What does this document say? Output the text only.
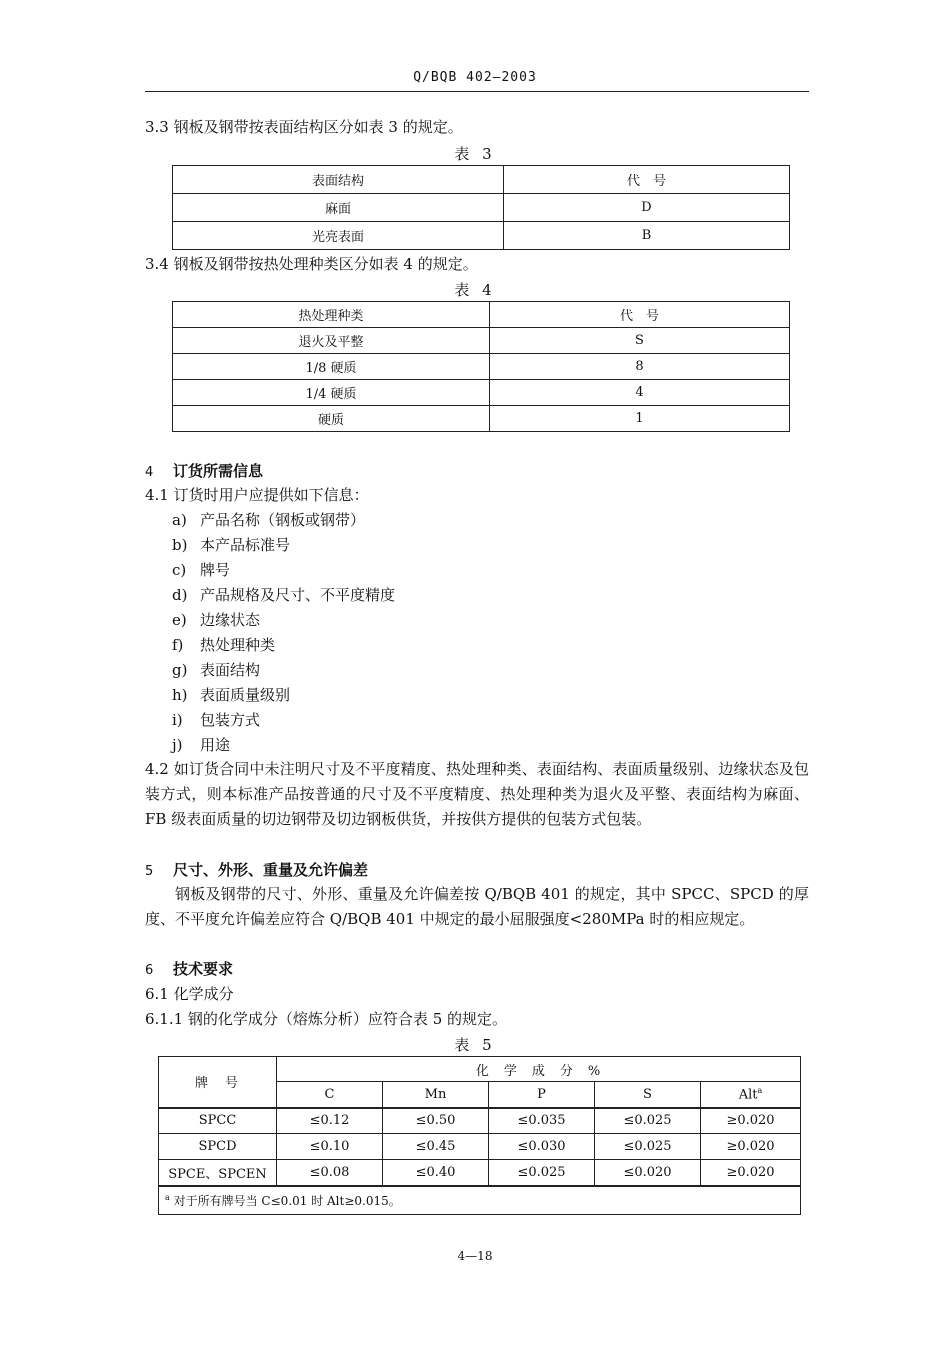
Q/BQB 402—2003
3.3 钢板及钢带按表面结构区分如表 3 的规定。
表 3
表面结构	代　号
麻面	D
光亮表面	B
3.4 钢板及钢带按热处理种类区分如表 4 的规定。
表 4
热处理种类	代　号
退火及平整	S
1/8 硬质	8
1/4 硬质	4
硬质	1
4 订货所需信息
4.1 订货时用户应提供如下信息：
a) 产品名称（钢板或钢带）
b) 本产品标准号
c) 牌号
d) 产品规格及尺寸、不平度精度
e) 边缘状态
f) 热处理种类
g) 表面结构
h) 表面质量级别
i) 包装方式
j) 用途
4.2 如订货合同中未注明尺寸及不平度精度、热处理种类、表面结构、表面质量级别、边缘状态及包装方式，则本标准产品按普通的尺寸及不平度精度、热处理种类为退火及平整、表面结构为麻面、FB 级表面质量的切边钢带及切边钢板供货，并按供方提供的包装方式包装。
5 尺寸、外形、重量及允许偏差
钢板及钢带的尺寸、外形、重量及允许偏差按 Q/BQB 401 的规定，其中 SPCC、SPCD 的厚度、不平度允许偏差应符合 Q/BQB 401 中规定的最小屈服强度<280MPa 时的相应规定。
6 技术要求
6.1 化学成分
6.1.1 钢的化学成分（熔炼分析）应符合表 5 的规定。
表 5
牌　号	化　学　成　分　%				
	C	Mn	P	S	Alt$^a$
SPCC	≤0.12	≤0.50	≤0.035	≤0.025	≥0.020
SPCD	≤0.10	≤0.45	≤0.030	≤0.025	≥0.020
SPCE、SPCEN	≤0.08	≤0.40	≤0.025	≤0.020	≥0.020
$^a$ 对于所有牌号当 C≤0.01 时 Alt≥0.015。					
4—18
